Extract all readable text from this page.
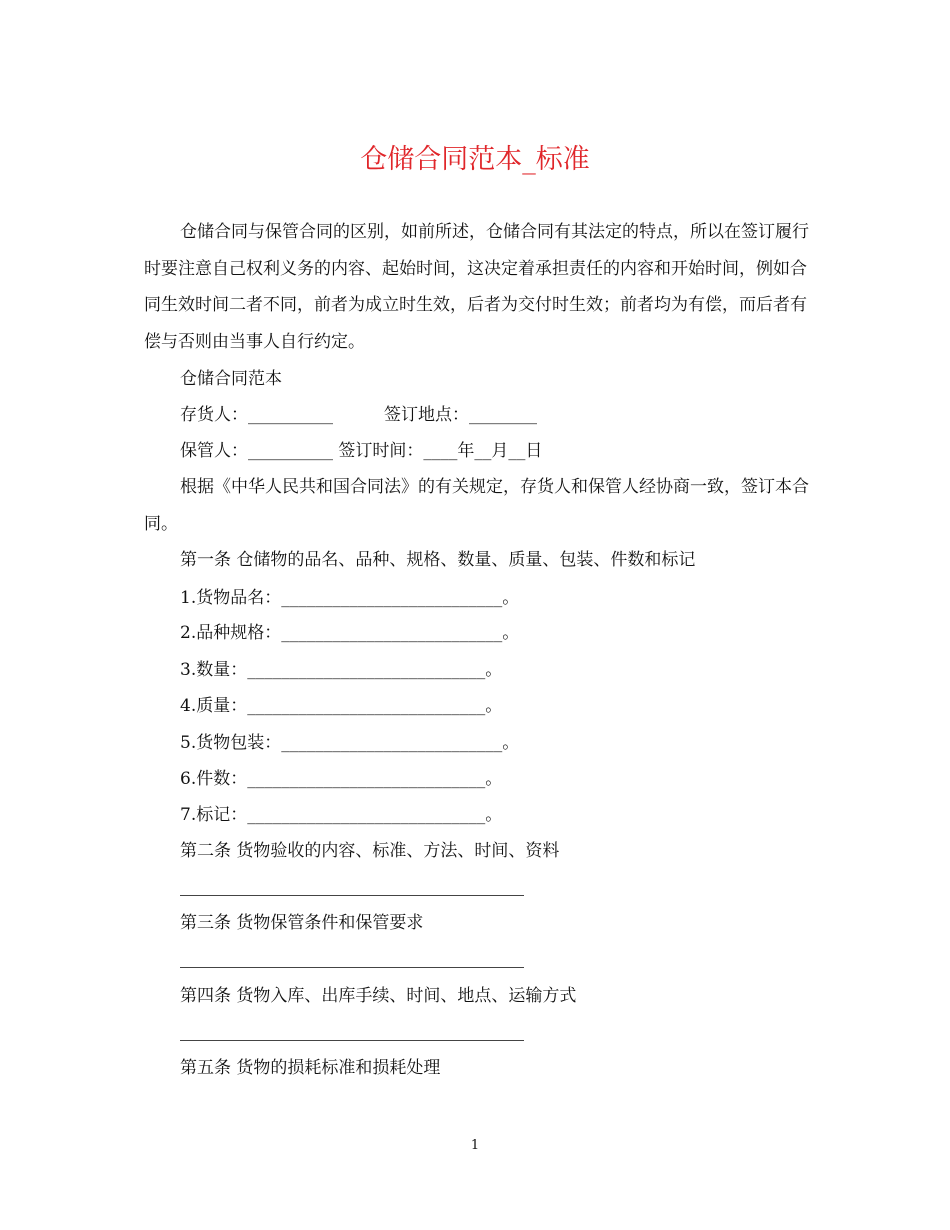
仓储合同范本_标准

仓储合同与保管合同的区别，如前所述，仓储合同有其法定的特点，所以在签订履行时要注意自己权利义务的内容、起始时间，这决定着承担责任的内容和开始时间，例如合同生效时间二者不同，前者为成立时生效，后者为交付时生效；前者均为有偿，而后者有偿与否则由当事人自行约定。

仓储合同范本
存货人：__________　　　签订地点：________
保管人：__________ 签订时间：____年__月__日

根据《中华人民共和国合同法》的有关规定，存货人和保管人经协商一致，签订本合同。

第一条 仓储物的品名、品种、规格、数量、质量、包装、件数和标记
1.货物品名：__________________________。
2.品种规格：__________________________。
3.数量：____________________________。
4.质量：____________________________。
5.货物包装：__________________________。
6.件数：____________________________。
7.标记：____________________________。
第二条 货物验收的内容、标准、方法、时间、资料
第三条 货物保管条件和保管要求
第四条 货物入库、出库手续、时间、地点、运输方式
第五条 货物的损耗标准和损耗处理
1
